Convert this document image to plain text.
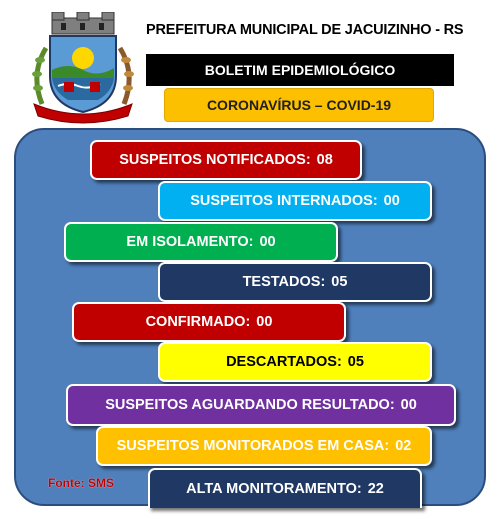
PREFEITURA MUNICIPAL DE JACUIZINHO - RS
BOLETIM EPIDEMIOLÓGICO
CORONAVÍRUS – COVID-19
SUSPEITOS NOTIFICADOS: 08
SUSPEITOS INTERNADOS: 00
EM ISOLAMENTO: 00
TESTADOS: 05
CONFIRMADO: 00
DESCARTADOS: 05
SUSPEITOS AGUARDANDO RESULTADO: 00
SUSPEITOS MONITORADOS EM CASA: 02
ALTA MONITORAMENTO: 22
Fonte: SMS
